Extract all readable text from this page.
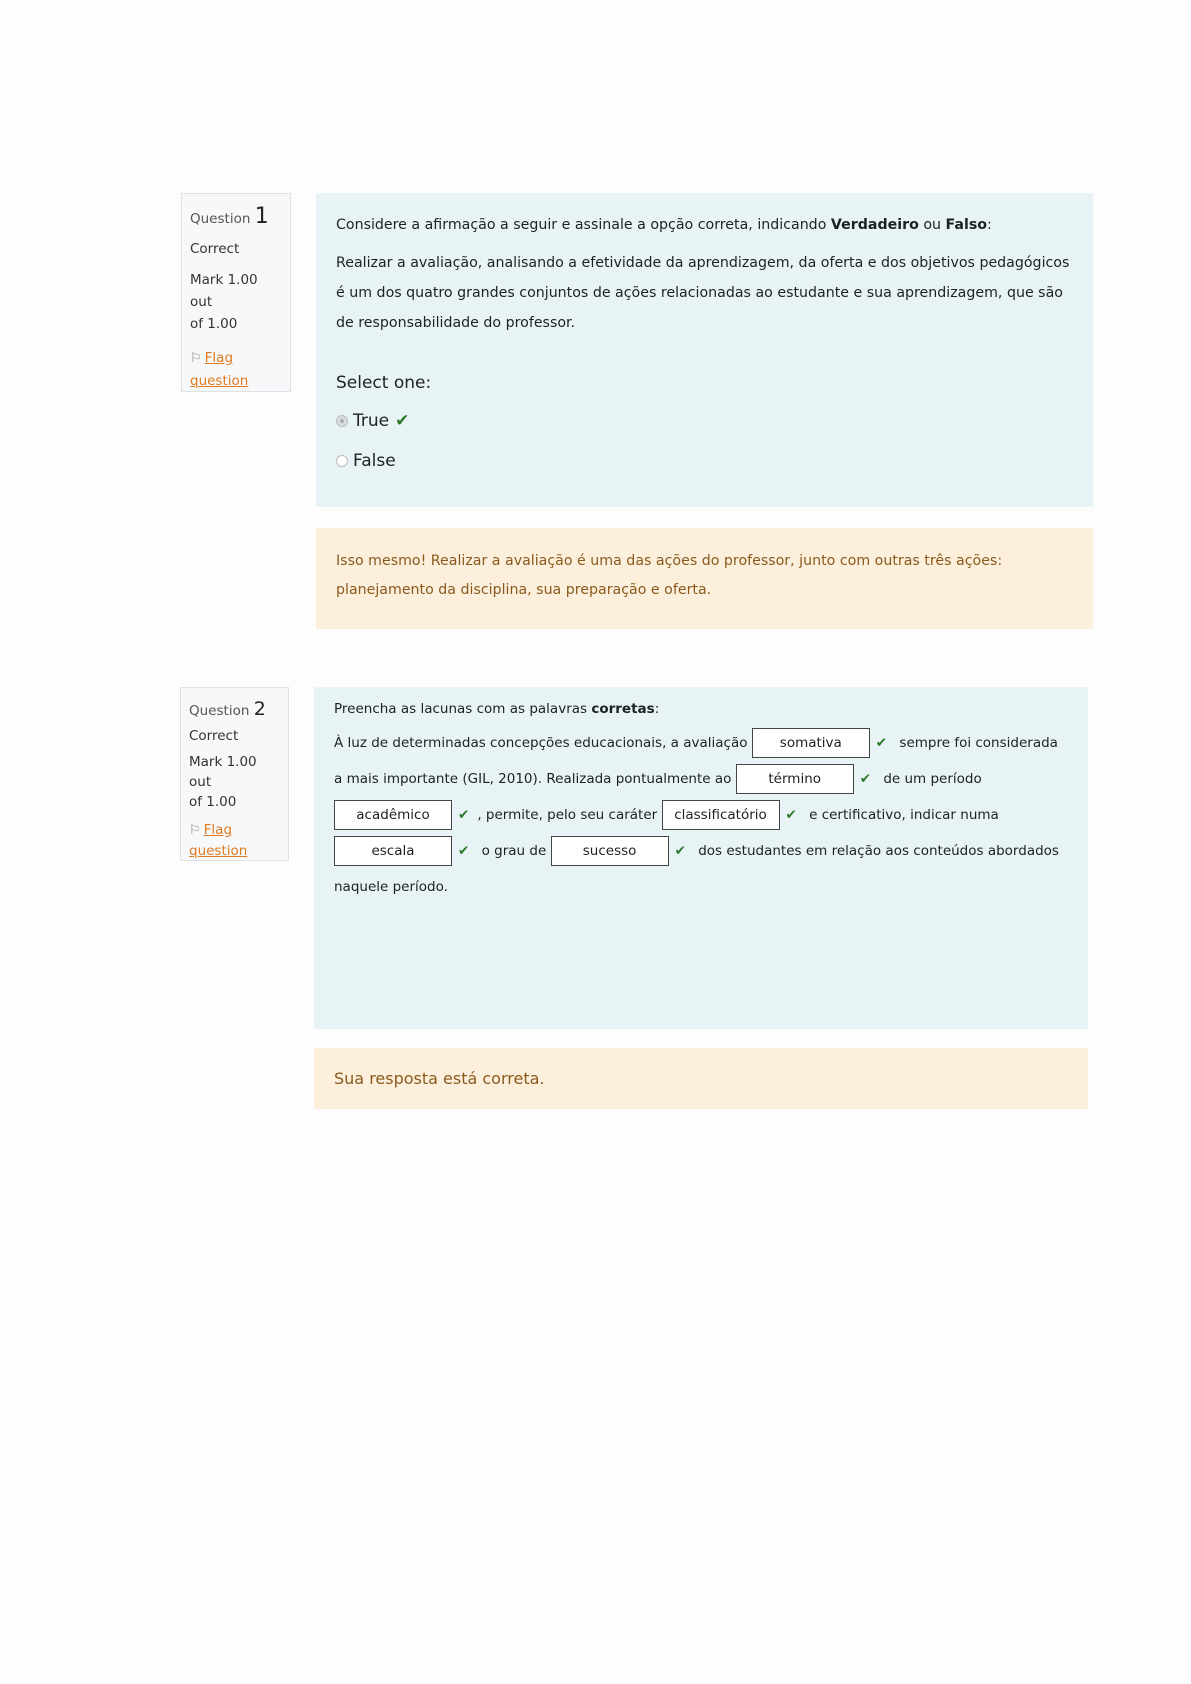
Question 1
Correct
Mark 1.00 out
of 1.00
⚐ Flag
question

Considere a afirmação a seguir e assinale a opção correta, indicando Verdadeiro ou Falso:

Realizar a avaliação, analisando a efetividade da aprendizagem, da oferta e dos objetivos pedagógicos é um dos quatro grandes conjuntos de ações relacionadas ao estudante e sua aprendizagem, que são de responsabilidade do professor.

Select one:
True ✔
False
Isso mesmo! Realizar a avaliação é uma das ações do professor, junto com outras três ações: planejamento da disciplina, sua preparação e oferta.
Question 2
Correct
Mark 1.00 out
of 1.00
⚐ Flag
question
Preencha as lacunas com as palavras corretas:
À luz de determinadas concepções educacionais, a avaliação somativa	✔ sempre foi considerada a mais importante (GIL, 2010). Realizada pontualmente ao	término	✔ de um período acadêmico ✔ , permite, pelo seu caráter classificatório ✔ e certificativo, indicar numa escala	✔ o grau de	sucesso	✔ dos estudantes em relação aos conteúdos abordados naquele período.
Sua resposta está correta.
